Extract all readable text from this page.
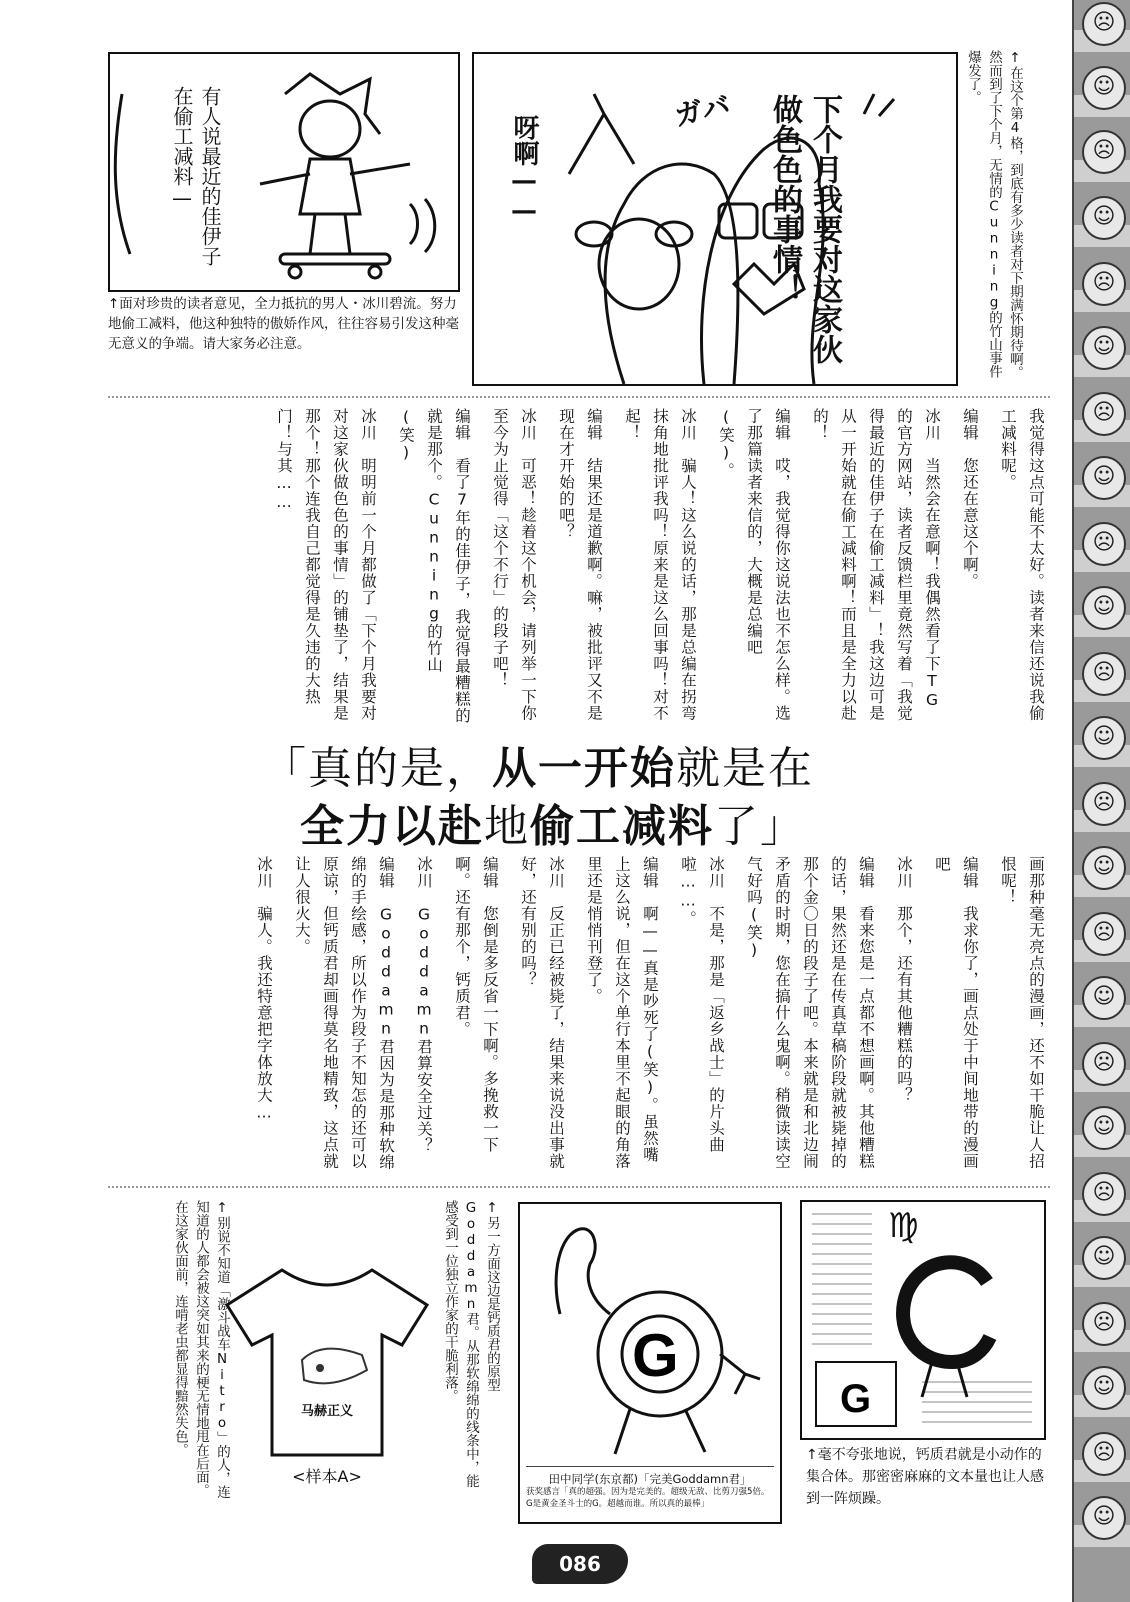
☹
☺
☹
☺
☹
☺
☹
☺
☹
☺
☹
☺
☹
☺
☹
☺
☹
☺
☹
☺
☹
☺
☹
☺
↑在这个第4格，到底有多少读者对下期满怀期待啊。然而到了下个月，无情的Cunning的竹山事件爆发了。
下个月我要对这家伙做色色的事情！
呀啊——
ガバ
有人说最近的佳伊子在偷工减料—
↑面对珍贵的读者意见，全力抵抗的男人・冰川碧流。努力地偷工减料，他这种独特的傲娇作风，往往容易引发这种毫无意义的争端。请大家务必注意。

我觉得这点可能不太好。读者来信还说我偷工减料呢。

编辑　您还在意这个啊。

冰川　当然会在意啊！我偶然看了下TG的官方网站，读者反馈栏里竟然写着「我觉得最近的佳伊子在偷工减料」！我这边可是从一开始就在偷工减料啊！而且是全力以赴的！

编辑　哎，我觉得你这说法也不怎么样。选了那篇读者来信的，大概是总编吧(笑)。

冰川　骗人！这么说的话，那是总编在拐弯抹角地批评我吗！原来是这么回事吗！对不起！

编辑　结果还是道歉啊。嘛，被批评又不是现在才开始的吧？

冰川　可恶！趁着这个机会，请列举一下你至今为止觉得「这个不行」的段子吧！

编辑　看了7年的佳伊子，我觉得最糟糕的就是那个。Cunning的竹山(笑)

冰川　明明前一个月都做了「下个月我要对对这家伙做色色的事情」的铺垫了，结果是那个！那个连我自己都觉得是久违的大热门！与其……

「真的是，从一开始就是在
全力以赴地偷工减料了」

画那种毫无亮点的漫画，还不如干脆让人招恨呢！

编辑　我求你了，画点处于中间地带的漫画吧

冰川　那个，还有其他糟糕的吗？

编辑　看来您是一点都不想画啊。其他糟糕的话，果然还是在传真草稿阶段就被毙掉的那个金〇日的段子了吧。本来就是和北边闹矛盾的时期，您在搞什么鬼啊。稍微读读空气好吗(笑)

冰川　不是，那是「返乡战士」的片头曲啦……。

编辑　啊——真是吵死了(笑)。虽然嘴上这么说，但在这个单行本里不起眼的角落里还是悄悄刊登了。

冰川　反正已经被毙了，结果来说没出事就好，还有别的吗？

编辑　您倒是多反省一下啊。多挽救一下啊。还有那个，钙质君。

冰川　Goddamn君算安全过关？

编辑　Goddamn君因为是那种软绵绵的手绘感，所以作为段子不知怎的还可以原谅，但钙质君却画得莫名地精致，这点就让人很火大。

冰川　骗人。我还特意把字体放大…

↑别说不知道「激斗战车Nitro」的人，连知道的人都会被这突如其来的梗无情地甩在后面。在这家伙面前，连啃老虫都显得黯然失色。	马赫正义
<样本A>
↑另一方面这边是钙质君的原型Goddamn君。从那软绵绵的线条中，能感受到一位独立作家的干脆利落。	G
田中同学(东京都)「完美Goddamn君」
获奖感言「真的超强。因为是完美的。超级无敌、比剪刀强5倍。G是黄金圣斗士的G。超越而谁。所以真的最棒」
G
♍
↑毫不夸张地说，钙质君就是小动作的集合体。那密密麻麻的文本量也让人感到一阵烦躁。
086
